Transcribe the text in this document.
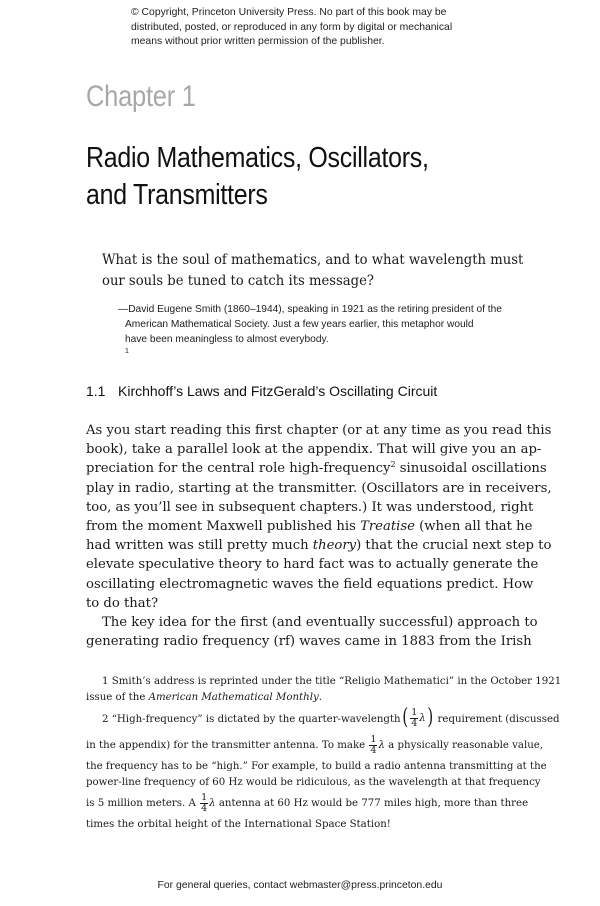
© Copyright, Princeton University Press. No part of this book may be
distributed, posted, or reproduced in any form by digital or mechanical
means without prior written permission of the publisher.
Chapter 1
Radio Mathematics, Oscillators,
and Transmitters
What is the soul of mathematics, and to what wavelength must
our souls be tuned to catch its message?
—David Eugene Smith (1860–1944), speaking in 1921 as the retiring president of the
American Mathematical Society. Just a few years earlier, this metaphor would
have been meaningless to almost everybody.
$^1$
1.1 Kirchhoff’s Laws and FitzGerald’s Oscillating Circuit
As you start reading this first chapter (or at any time as you read this
book), take a parallel look at the appendix. That will give you an ap-
preciation for the central role high-frequency$^2$ sinusoidal oscillations
play in radio, starting at the transmitter. (Oscillators are in receivers,
too, as you’ll see in subsequent chapters.) It was understood, right
from the moment Maxwell published his Treatise (when all that he
had written was still pretty much theory) that the crucial next step to
elevate speculative theory to hard fact was to actually generate the
oscillating electromagnetic waves the field equations predict. How
to do that?
The key idea for the first (and eventually successful) approach to
generating radio frequency (rf) waves came in 1883 from the Irish
1 Smith’s address is reprinted under the title “Religio Mathematici” in the October 1921
issue of the American Mathematical Monthly.
2 “High-frequency” is dictated by the quarter-wavelength( $\frac{1}{4} \lambda$) requirement (discussed
in the appendix) for the transmitter antenna. To make $\frac{1}{4}$ λ a physically reasonable value,
the frequency has to be “high.” For example, to build a radio antenna transmitting at the
power-line frequency of 60 Hz would be ridiculous, as the wavelength at that frequency
is 5 million meters. A $\frac{1}{4}$ λ antenna at 60 Hz would be 777 miles high, more than three
times the orbital height of the International Space Station!
For general queries, contact webmaster@press.princeton.edu
